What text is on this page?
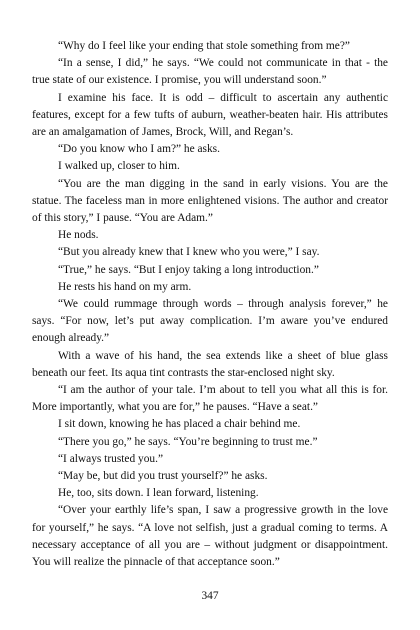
“Why do I feel like your ending that stole something from me?”

“In a sense, I did,” he says. “We could not communicate in that - the true state of our existence. I promise, you will understand soon.”

I examine his face. It is odd – difficult to ascertain any authentic features, except for a few tufts of auburn, weather-beaten hair. His attributes are an amalgamation of James, Brock, Will, and Regan’s.

“Do you know who I am?” he asks.

I walked up, closer to him.

“You are the man digging in the sand in early visions. You are the statue. The faceless man in more enlightened visions. The author and creator of this story,” I pause. “You are Adam.”

He nods.

“But you already knew that I knew who you were,” I say.

“True,” he says. “But I enjoy taking a long introduction.”

He rests his hand on my arm.

“We could rummage through words – through analysis forever,” he says. “For now, let’s put away complication. I’m aware you’ve endured enough already.”

With a wave of his hand, the sea extends like a sheet of blue glass beneath our feet. Its aqua tint contrasts the star-enclosed night sky.

“I am the author of your tale. I’m about to tell you what all this is for. More importantly, what you are for,” he pauses. “Have a seat.”

I sit down, knowing he has placed a chair behind me.

“There you go,” he says. “You’re beginning to trust me.”

“I always trusted you.”

“May be, but did you trust yourself?” he asks.

He, too, sits down. I lean forward, listening.

“Over your earthly life’s span, I saw a progressive growth in the love for yourself,” he says. “A love not selfish, just a gradual coming to terms. A necessary acceptance of all you are – without judgment or disappointment. You will realize the pinnacle of that acceptance soon.”

347
